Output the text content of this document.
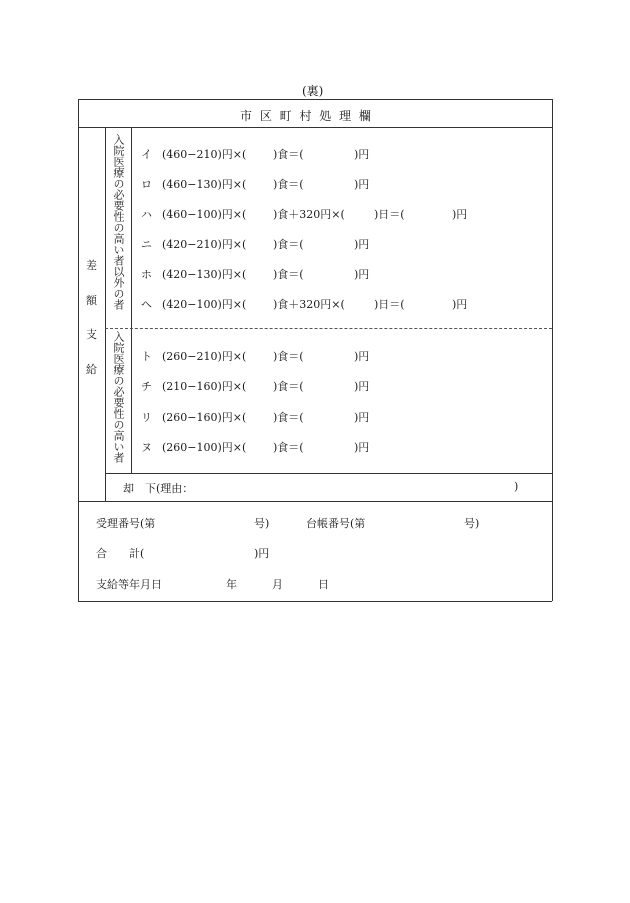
(裏)
市 区 町 村 処 理 欄
差
額
支
給
入院医療の必要性の高い者以外の者
入院医療の必要性の高い者
イ (460−210)円×( )食＝(	)円
ロ (460−130)円×( )食＝(	)円
ハ (460−100)円×( )食＋320円×(	)日＝(	)円
ニ (420−210)円×( )食＝(	)円
ホ (420−130)円×( )食＝(	)円
ヘ (420−100)円×( )食＋320円×(	)日＝(	)円
ト (260−210)円×( )食＝(	)円
チ (210−160)円×( )食＝(	)円
リ (260−160)円×( )食＝(	)円
ヌ (260−100)円×( )食＝(	)円
却　下(理由：	)
受理番号(第	号)	台帳番号(第	号)
合　　計(	)円
支給等年月日	年	月	日
